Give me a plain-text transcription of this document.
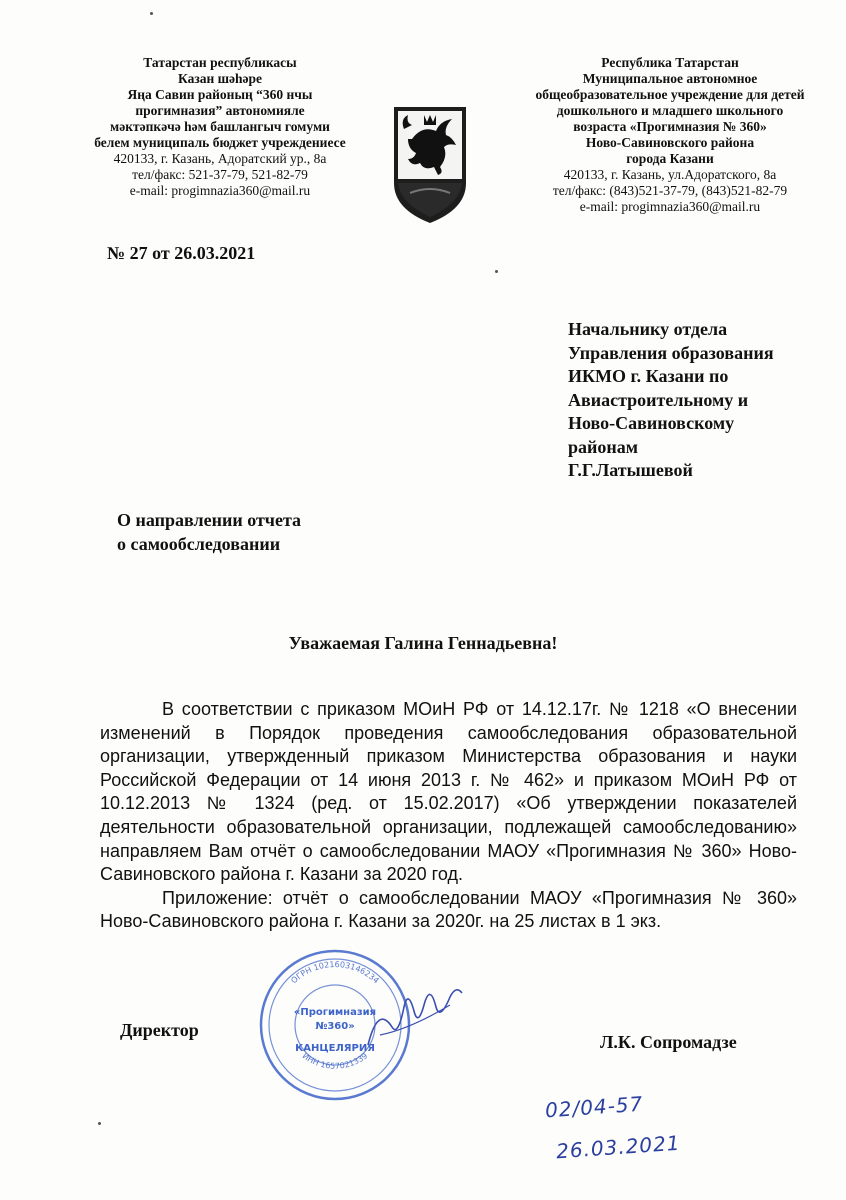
Татарстан республикасы
Казан шәһәре
Яңа Савин районың “360 нчы
прогимназия” автономияле
мәктәпкәчә һәм башлангыч гомуми
белем муниципаль бюджет учреждениесе
420133, г. Казань, Адоратский ур., 8а
тел/факс: 521-37-79, 521-82-79
e-mail: progimnazia360@mail.ru
Республика Татарстан
Муниципальное автономное
общеобразовательное учреждение для детей
дошкольного и младшего школьного
возраста «Прогимназия № 360»
Ново-Савиновского района
города Казани
420133, г. Казань, ул.Адоратского, 8а
тел/факс: (843)521-37-79, (843)521-82-79
e-mail: progimnazia360@mail.ru
№ 27 от 26.03.2021
Начальнику отдела
Управления образования
ИКМО г. Казани по
Авиастроительному и
Ново-Савиновскому
районам
Г.Г.Латышевой
О направлении отчета
о самообследовании
Уважаемая Галина Геннадьевна!

В соответствии с приказом МОиН РФ от 14.12.17г. № 1218 «О внесении изменений в Порядок проведения самообследования образовательной организации, утвержденный приказом Министерства образования и науки Российской Федерации от 14 июня 2013 г. № 462» и приказом МОиН РФ от 10.12.2013 № 1324 (ред. от 15.02.2017) «Об утверждении показателей деятельности образовательной организации, подлежащей самообследованию» направляем Вам отчёт о самообследовании МАОУ «Прогимназия № 360» Ново-Савиновского района г. Казани за 2020 год.

Приложение: отчёт о самообследовании МАОУ «Прогимназия № 360» Ново-Савиновского района г. Казани за 2020г. на 25 листах в 1 экз.

Директор
ОГРН 1021603146234
ИНН 1657021339
«Прогимназия
№360»
КАНЦЕЛЯРИЯ	Л.К. Сопромадзе
02/04-57
26.03.2021
